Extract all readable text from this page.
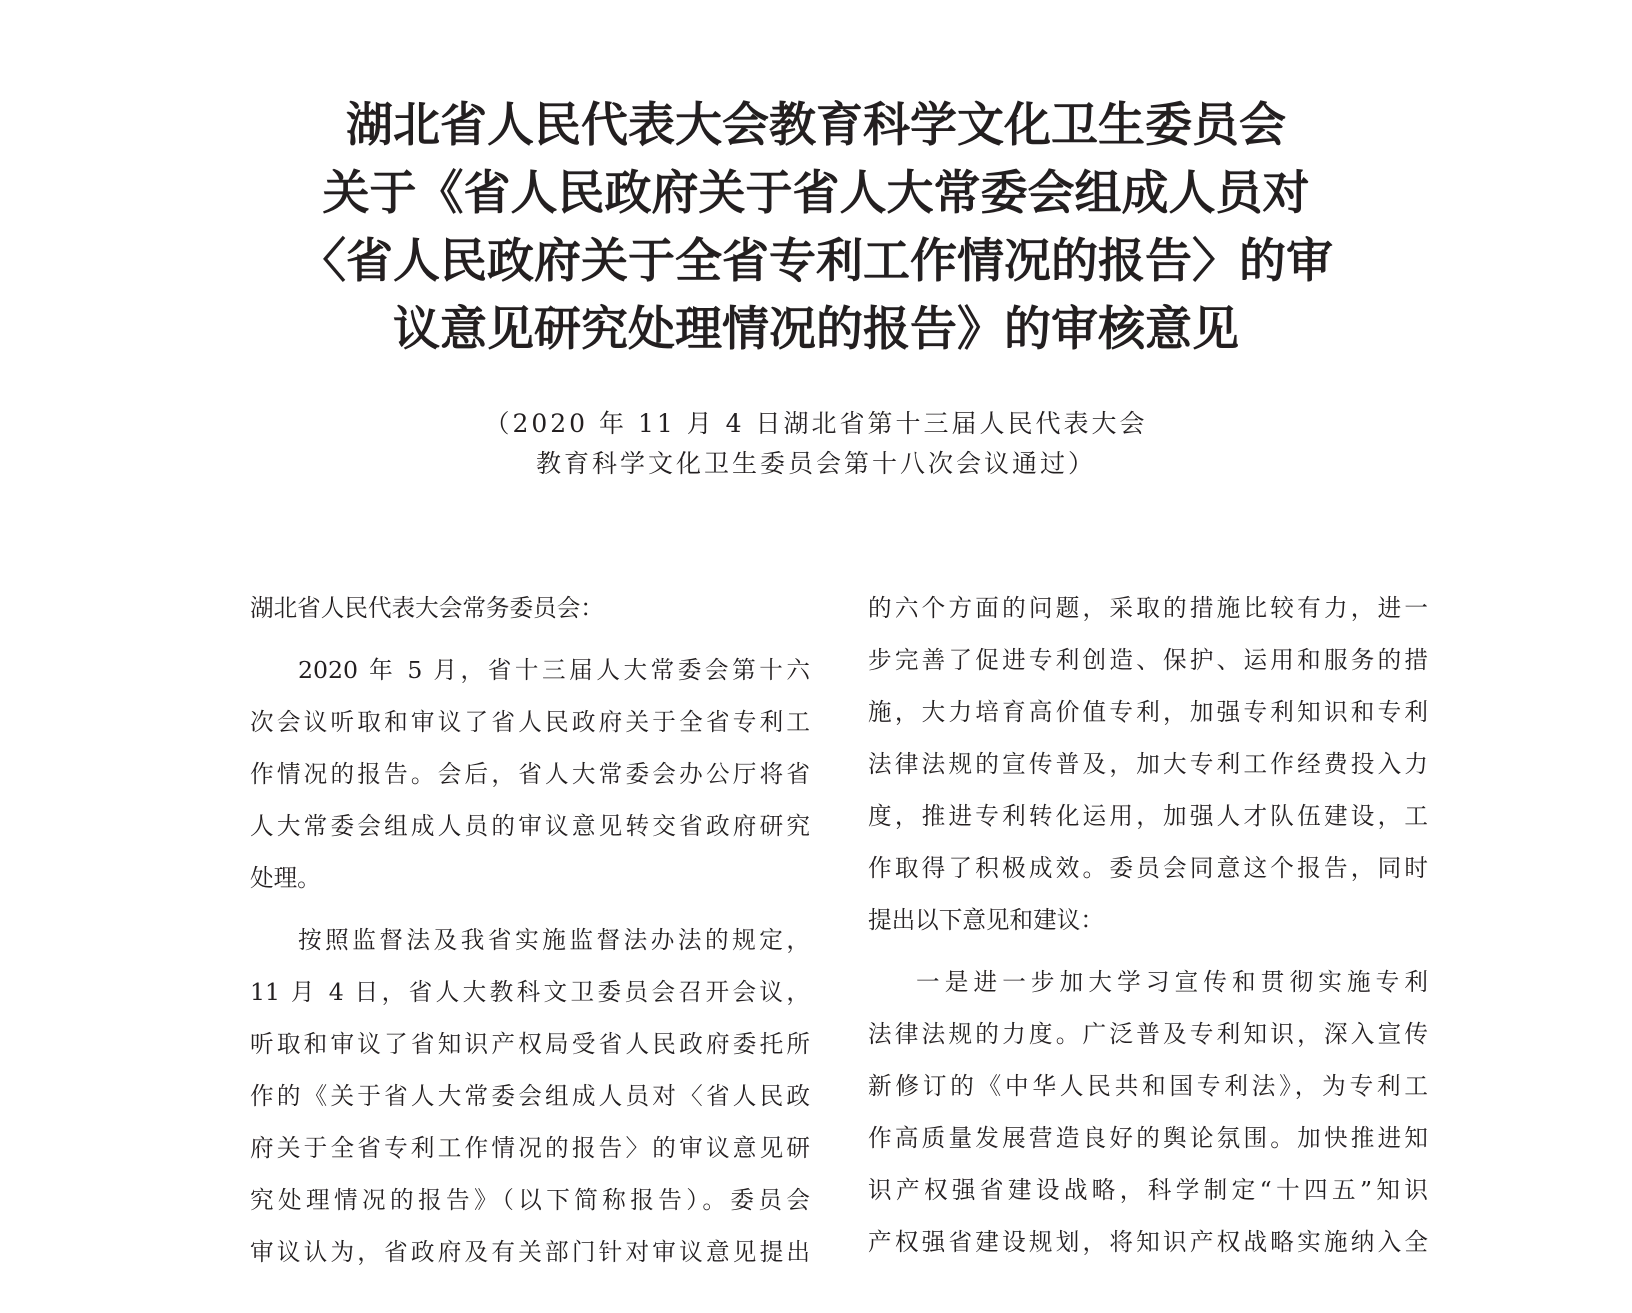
湖北省人民代表大会教育科学文化卫生委员会
关于《省人民政府关于省人大常委会组成人员对
〈省人民政府关于全省专利工作情况的报告〉的审
议意见研究处理情况的报告》的审核意见
（2020 年 11 月 4 日湖北省第十三届人民代表大会
教育科学文化卫生委员会第十八次会议通过）
湖北省人民代表大会常务委员会：
2020 年 5 月，省十三届人大常委会第十六
次会议听取和审议了省人民政府关于全省专利工
作情况的报告。会后，省人大常委会办公厅将省
人大常委会组成人员的审议意见转交省政府研究
处理。
按照监督法及我省实施监督法办法的规定，
11 月 4 日，省人大教科文卫委员会召开会议，
听取和审议了省知识产权局受省人民政府委托所
作的《关于省人大常委会组成人员对〈省人民政
府关于全省专利工作情况的报告〉的审议意见研
究处理情况的报告》（以下简称报告）。委员会
审议认为，省政府及有关部门针对审议意见提出
的六个方面的问题，采取的措施比较有力，进一
步完善了促进专利创造、保护、运用和服务的措
施，大力培育高价值专利，加强专利知识和专利
法律法规的宣传普及，加大专利工作经费投入力
度，推进专利转化运用，加强人才队伍建设，工
作取得了积极成效。委员会同意这个报告，同时
提出以下意见和建议：
一是进一步加大学习宣传和贯彻实施专利
法律法规的力度。广泛普及专利知识，深入宣传
新修订的《中华人民共和国专利法》，为专利工
作高质量发展营造良好的舆论氛围。加快推进知
识产权强省建设战略，科学制定“十四五”知识
产权强省建设规划，将知识产权战略实施纳入全
